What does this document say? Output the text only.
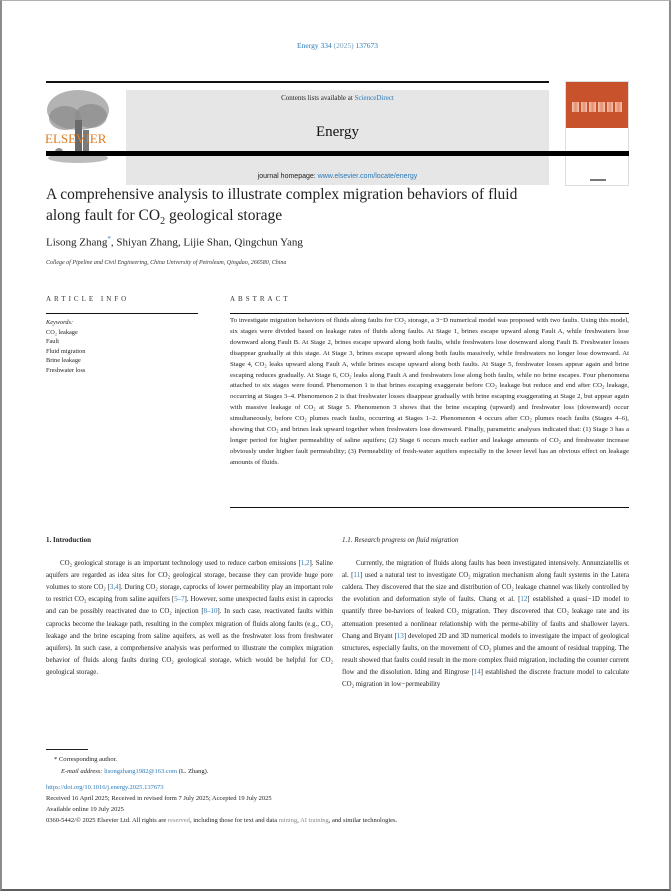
Energy 334 (2025) 137673
ELSEVIER
Contents lists available at ScienceDirect
Energy
journal homepage: www.elsevier.com/locate/energy
A comprehensive analysis to illustrate complex migration behaviors of fluid
along fault for $CO_2$ geological storage
Lisong Zhang*, Shiyan Zhang, Lijie Shan, Qingchun Yang
College of Pipeline and Civil Engineering, China University of Petroleum, Qingdao, 266580, China
ARTICLE INFO
Keywords:
CO₂ leakage
Fault
Fluid migration
Brine leakage
Freshwater loss
ABSTRACT
To investigate migration behaviors of fluids along faults for CO₂ storage, a 3−D numerical model was proposed with two faults. Using this model, six stages were divided based on leakage rates of fluids along faults. At Stage 1, brines escape upward along Fault A, while freshwaters lose downward along Fault B. At Stage 2, brines escape upward along both faults, while freshwaters lose downward along Fault B. Freshwater losses disappear gradually at this stage. At Stage 3, brines escape upward along both faults massively, while freshwaters no longer lose downward. At Stage 4, CO₂ leaks upward along Fault A, while brines escape upward along both faults. At Stage 5, freshwater losses appear again and brine escaping reduces gradually. At Stage 6, CO₂ leaks along Fault A and freshwaters lose along both faults, while no brine escapes. Four phenomena attached to six stages were found. Phenomenon 1 is that brines escaping exaggerate before CO₂ leakage but reduce and end after CO₂ leakage, occurring at Stages 3–4. Phenomenon 2 is that freshwater losses disappear gradually with brine escaping exaggerating at Stage 2, but appear again with massive leakage of CO₂ at Stage 5. Phenomenon 3 shows that the brine escaping (upward) and freshwater loss (downward) occur simultaneously, before CO₂ plumes reach faults, occurring at Stages 1–2. Phenomenon 4 occurs after CO₂ plumes reach faults (Stages 4–6), showing that CO₂ and brines leak upward together when freshwaters lose downward. Finally, parametric analyses indicated that: (1) Stage 3 has a longer period for higher permeability of saline aquifers; (2) Stage 6 occurs much earlier and leakage amounts of CO₂ and freshwater increase obviously under higher fault permeability; (3) Permeability of fresh-water aquifers especially in the lower level has an obvious effect on leakage amounts of fluids.
1. Introduction
CO₂ geological storage is an important technology used to reduce carbon emissions [1,2]. Saline aquifers are regarded as idea sites for CO₂ geological storage, because they can provide huge pore volumes to store CO₂ [3,4]. During CO₂ storage, caprocks of lower permeability play an important role to restrict CO₂ escaping from saline aquifers [5–7]. However, some unexpected faults exist in caprocks and can be possibly reactivated due to CO₂ injection [8–10]. In such case, reactivated faults within caprocks become the leakage path, resulting in the complex migration of fluids along faults (e.g., CO₂ leakage and the brine escaping from saline aquifers, as well as the freshwater loss from freshwater aquifers). In such case, a comprehensive analysis was performed to illustrate the complex migration behavior of fluids along faults during CO₂ geological storage, which would be helpful for CO₂ geological storage.
1.1. Research progress on fluid migration
Currently, the migration of fluids along faults has been investigated intensively. Annunziatellis et al. [11] used a natural test to investigate CO₂ migration mechanism along fault systems in the Latera caldera. They discovered that the size and distribution of CO₂ leakage channel was likely controlled by the evolution and deformation style of faults. Chang et al. [12] established a quasi−1D model to quantify three be-haviors of leaked CO₂ migration. They discovered that CO₂ leakage rate and its attenuation presented a nonlinear relationship with the perme-ability of faults and shallower layers. Chang and Bryant [13] developed 2D and 3D numerical models to investigate the impact of geological structures, especially faults, on the movement of CO₂ plumes and the amount of residual trapping. The result showed that faults could result in the more complex fluid migration, including the counter current flow and the dissolution. Iding and Ringrose [14] established the discrete fracture model to calculate CO₂ migration in low−permeability
* Corresponding author.
E-mail address: lisongzhang1982@163.com (L. Zhang).
https://doi.org/10.1016/j.energy.2025.137673
Received 16 April 2025; Received in revised form 7 July 2025; Accepted 19 July 2025
Available online 19 July 2025
0360-5442/© 2025 Elsevier Ltd. All rights are reserved, including those for text and data mining, AI training, and similar technologies.
